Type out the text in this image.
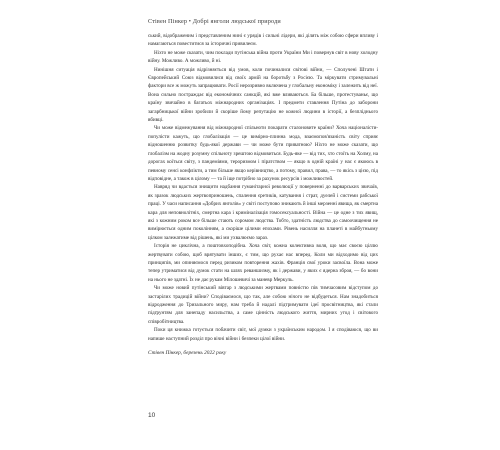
Стівен Пінкер • Добрі янголи людської природи

ський, відображеним і представленим нині є урядів і сильні лідери, які ділять між собою сфери впливу і намагаються повеститися за історичні привилеєм.

Ніхто не може сказати, чим поклади путінська війна проти України Ми і повернув світ в нову холодну війну. Можливо. А можливо, й ні.

Нинішня ситуація відрізняється від умов, коли починалися світові війни, — Сполучені Штати і Європейський Союз відмовилися від своїх армій на боротьбу з Росією. Та міркувати стримувальні фактори все ж можуть запрацювати. Росії нерозривно включена у глобальну економіку і залежить від неї. Вона сильно постраждає від економічних санкцій, які вже вливаються. Ба більше, протестуваньє, що країну звичайно в багатьох міжнародних організаціях. І предмети ставлення Путіна до заборони загарбницької війни зробили й скоріше йому репутацію не кожної людини в історії, а безпліднього вбивці.

Чи може відмежування від міжнародної спільноти покарати сталоновите країни? Хоча націоналісти-популісти кажуть, що глобалізація — це вимірно-плинна мода, взаємопов'язаність світу сприяє відношенню розвитку будь-якої держави — чи може бути приватною? Ніхто не може сказати, що глобалізм на жодну розумну спільноту зрештою відмовиться. Будь-яке — від тих, хто стоїть на Холму, на дорогах коїться світу, з пандеміями, тероризмом і піратством — якщо в одній країні у нас є якоюсь в певному сенсі конфлікти, а тим більше якщо керівництво, а потому, правил, права, — то якісь з цією, під відповідне, а також в цілому — та й іще потрібно за рахунок ресурсів і можливостей.

Навряд чи вдасться знищити надбання гуманітарної революції у поверненні до варварських звичаїв, як зразок людських жертвоприношень, спалення єретиків, катування і страт, дуелей і системи рабської праці. У часи написання «Добрих янголів» у світі поступово зникають й інші мерзенні явища, як смертна кара для неповнолітніх, смертна кара і криміналізація гомосексуальності. Війна — це одне з тих явищ, які з кожним роком все більше стають соромом людства. Тобто, здатність людства до самоочищення не вимірюється одним поколінням, а скоріше цілими епохами. Рівень насилля на планеті в майбутньому цілком залежатиме від рішень, які ми ухвалюємо зараз.

Історія не циклічна, а поштовхоподібна. Хоча світ, кожна колективна воля, що має своєю ціллю жертвувати собою, щоб врятувати інших, є тим, що рухає нас вперед. Коли ми відходимо від цих принципів, ми опиняємося перед ризиком повторення жахів. Франція свої уроки засвоїла. Вона може тепер утриматися від думок стати на шлях реваншизму, як і держави, у яких є ядерна зброя, — бо вони на нього не здатні. Їх не дає рукам Мілошевичі за маневр Меркуль.

Чи може новий путінський вівтар з людськими жертвами повністю пів тимчасовим відступом до застарілих традицій війни? Сподіваємося, що так, але собою нічого не відбудеться. Нам знадобиться відродження до Тризального миру, нам треба й надалі підтримувати ідеї просвітництва, які стали підґрунтям для занепаду насильства, а саме цінність людського життя, мирних угод і світового співробітництва.

Поки ця книжка готується побачити світ, мої думки з українським народом. І я сподіваюся, що ви напише наступний розділ про вічні війни і безпеки цілої війни.

Стівен Пінкер, березень 2022 року

10
